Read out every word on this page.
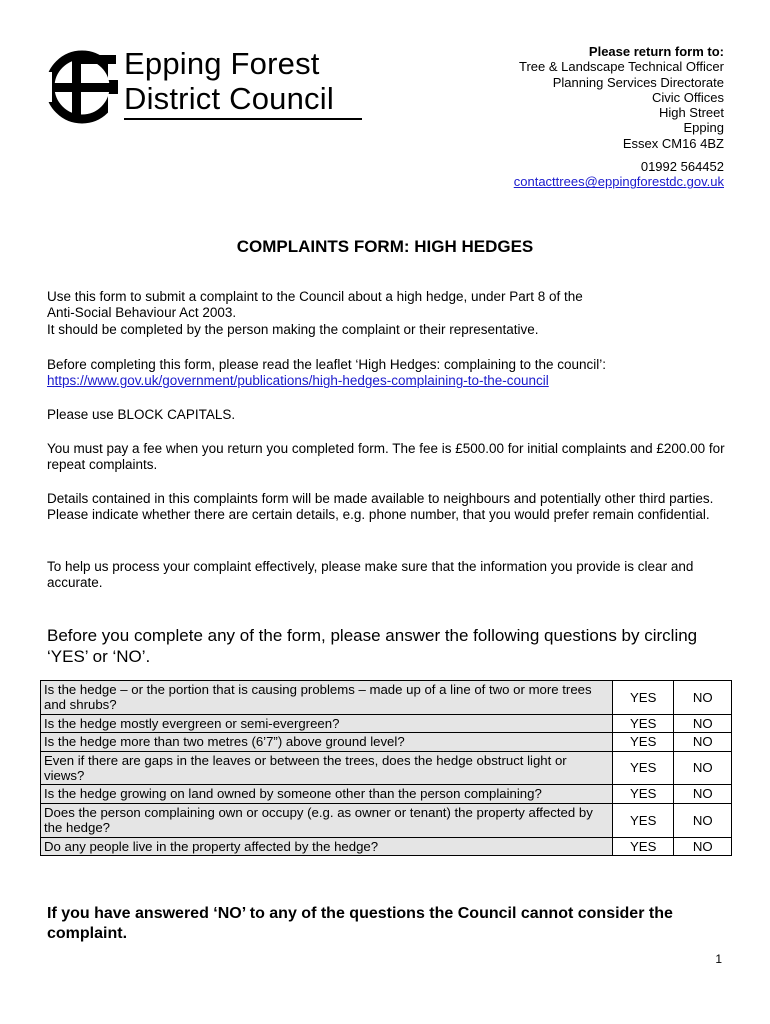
Epping Forest
District Council
Please return form to:
Tree & Landscape Technical Officer
Planning Services Directorate
Civic Offices
High Street
Epping
Essex CM16 4BZ
01992 564452
contacttrees@eppingforestdc.gov.uk
COMPLAINTS FORM: HIGH HEDGES

Use this form to submit a complaint to the Council about a high hedge, under Part 8 of the

Anti-Social Behaviour Act 2003.

It should be completed by the person making the complaint or their representative.

Before completing this form, please read the leaflet ‘High Hedges: complaining to the council’:

https://www.gov.uk/government/publications/high-hedges-complaining-to-the-council

Please use BLOCK CAPITALS.

You must pay a fee when you return you completed form. The fee is £500.00 for initial complaints and £200.00 for repeat complaints.

Details contained in this complaints form will be made available to neighbours and potentially other third parties. Please indicate whether there are certain details, e.g. phone number, that you would prefer remain confidential.

To help us process your complaint effectively, please make sure that the information you provide is clear and accurate.

Before you complete any of the form, please answer the following questions by circling ‘YES’ or ‘NO’.
Is the hedge – or the portion that is causing problems – made up of a line of two or more trees and shrubs?	YES	NO
Is the hedge mostly evergreen or semi-evergreen?	YES	NO
Is the hedge more than two metres (6’7”) above ground level?	YES	NO
Even if there are gaps in the leaves or between the trees, does the hedge obstruct light or views?	YES	NO
Is the hedge growing on land owned by someone other than the person complaining?	YES	NO
Does the person complaining own or occupy (e.g. as owner or tenant) the property affected by the hedge?	YES	NO
Do any people live in the property affected by the hedge?	YES	NO
If you have answered ‘NO’ to any of the questions the Council cannot consider the complaint.
1
